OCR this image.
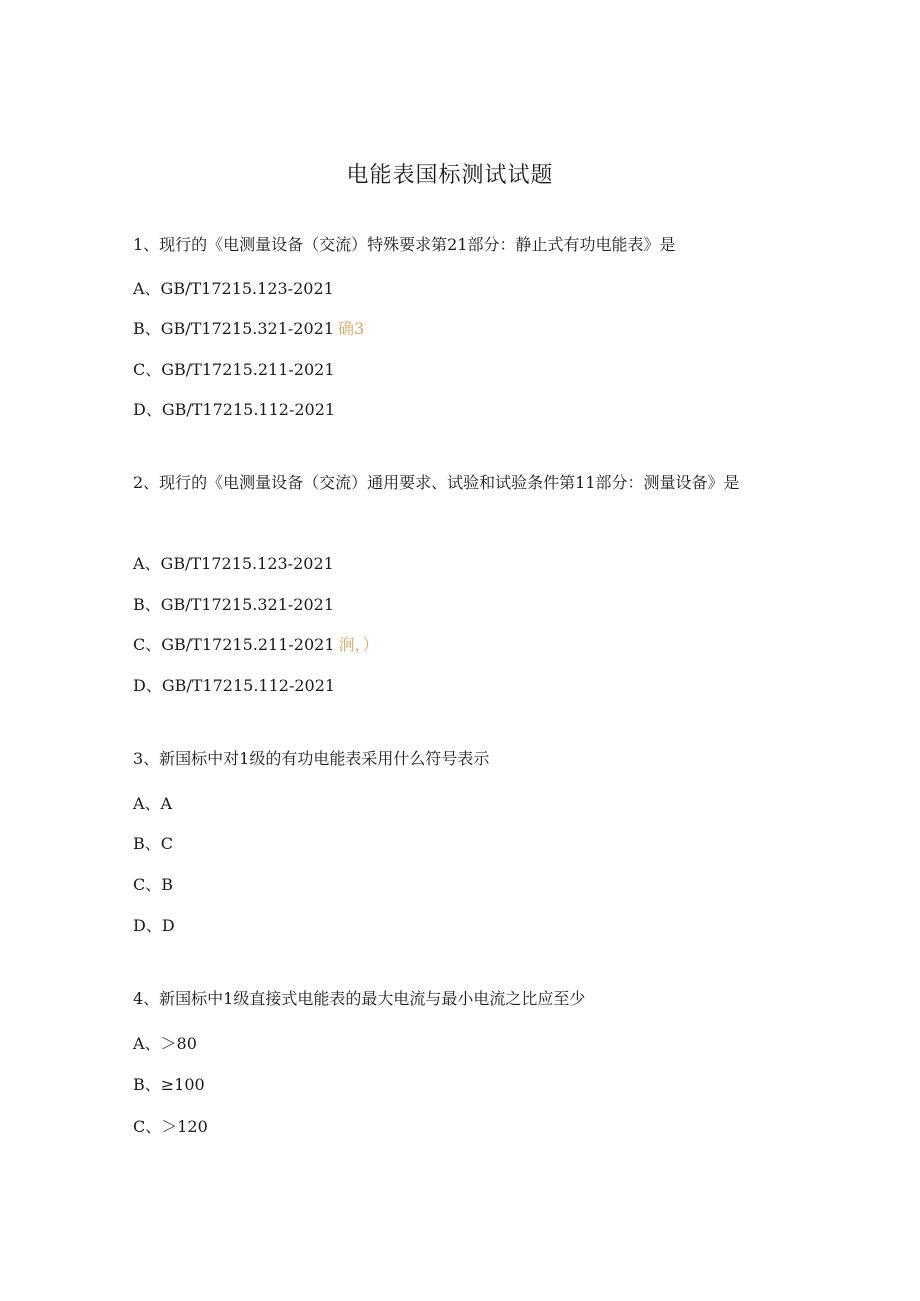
电能表国标测试试题

1、现行的《电测量设备（交流）特殊要求第21部分：静止式有功电能表》是

A、GB/T17215.123-2021

B、GB/T17215.321-2021 确3

C、GB/T17215.211-2021

D、GB/T17215.112-2021

2、现行的《电测量设备（交流）通用要求、试验和试验条件第11部分：测量设备》是

A、GB/T17215.123-2021

B、GB/T17215.321-2021

C、GB/T17215.211-2021 涧，）

D、GB/T17215.112-2021

3、新国标中对1级的有功电能表采用什么符号表示

A、A

B、C

C、B

D、D

4、新国标中1级直接式电能表的最大电流与最小电流之比应至少

A、＞80

B、≥100

C、＞120
